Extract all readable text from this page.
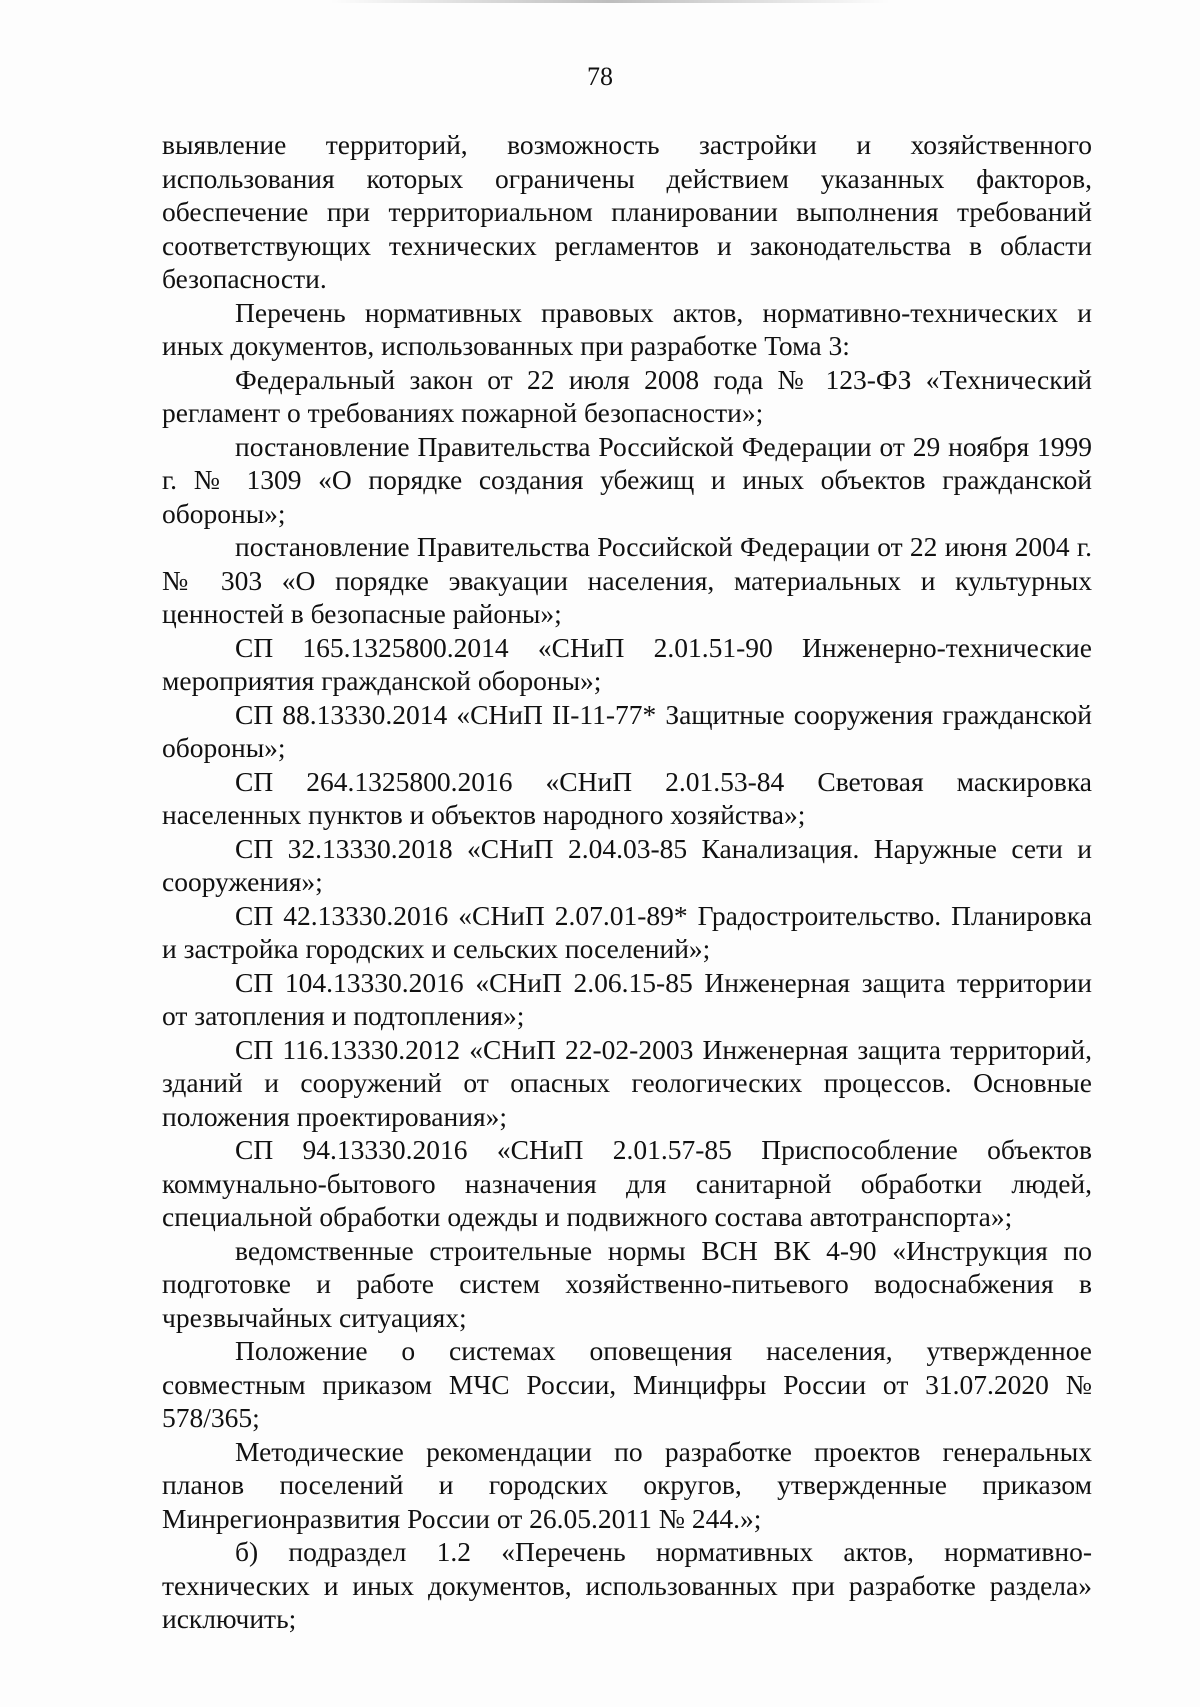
78

выявление территорий, возможность застройки и хозяйственного использования которых ограничены действием указанных факторов, обеспечение при территориальном планировании выполнения требований соответствующих технических регламентов и законодательства в области безопасности.

Перечень нормативных правовых актов, нормативно-технических и иных документов, использованных при разработке Тома 3:

Федеральный закон от 22 июля 2008 года № 123-ФЗ «Технический регламент о требованиях пожарной безопасности»;

постановление Правительства Российской Федерации от 29 ноября 1999 г. № 1309 «О порядке создания убежищ и иных объектов гражданской обороны»;

постановление Правительства Российской Федерации от 22 июня 2004 г. № 303 «О порядке эвакуации населения, материальных и культурных ценностей в безопасные районы»;

СП 165.1325800.2014 «СНиП 2.01.51-90 Инженерно-технические мероприятия гражданской обороны»;

СП 88.13330.2014 «СНиП II-11-77* Защитные сооружения гражданской обороны»;

СП 264.1325800.2016 «СНиП 2.01.53-84 Световая маскировка населенных пунктов и объектов народного хозяйства»;

СП 32.13330.2018 «СНиП 2.04.03-85 Канализация. Наружные сети и сооружения»;

СП 42.13330.2016 «СНиП 2.07.01-89* Градостроительство. Планировка и застройка городских и сельских поселений»;

СП 104.13330.2016 «СНиП 2.06.15-85 Инженерная защита территории от затопления и подтопления»;

СП 116.13330.2012 «СНиП 22-02-2003 Инженерная защита территорий, зданий и сооружений от опасных геологических процессов. Основные положения проектирования»;

СП 94.13330.2016 «СНиП 2.01.57-85 Приспособление объектов коммунально-бытового назначения для санитарной обработки людей, специальной обработки одежды и подвижного состава автотранспорта»;

ведомственные строительные нормы ВСН ВК 4-90 «Инструкция по подготовке и работе систем хозяйственно-питьевого водоснабжения в чрезвычайных ситуациях;

Положение о системах оповещения населения, утвержденное совместным приказом МЧС России, Минцифры России от 31.07.2020 № 578/365;

Методические рекомендации по разработке проектов генеральных планов поселений и городских округов, утвержденные приказом Минрегионразвития России от 26.05.2011 № 244.»;

б) подраздел 1.2 «Перечень нормативных актов, нормативно-технических и иных документов, использованных при разработке раздела» исключить;
